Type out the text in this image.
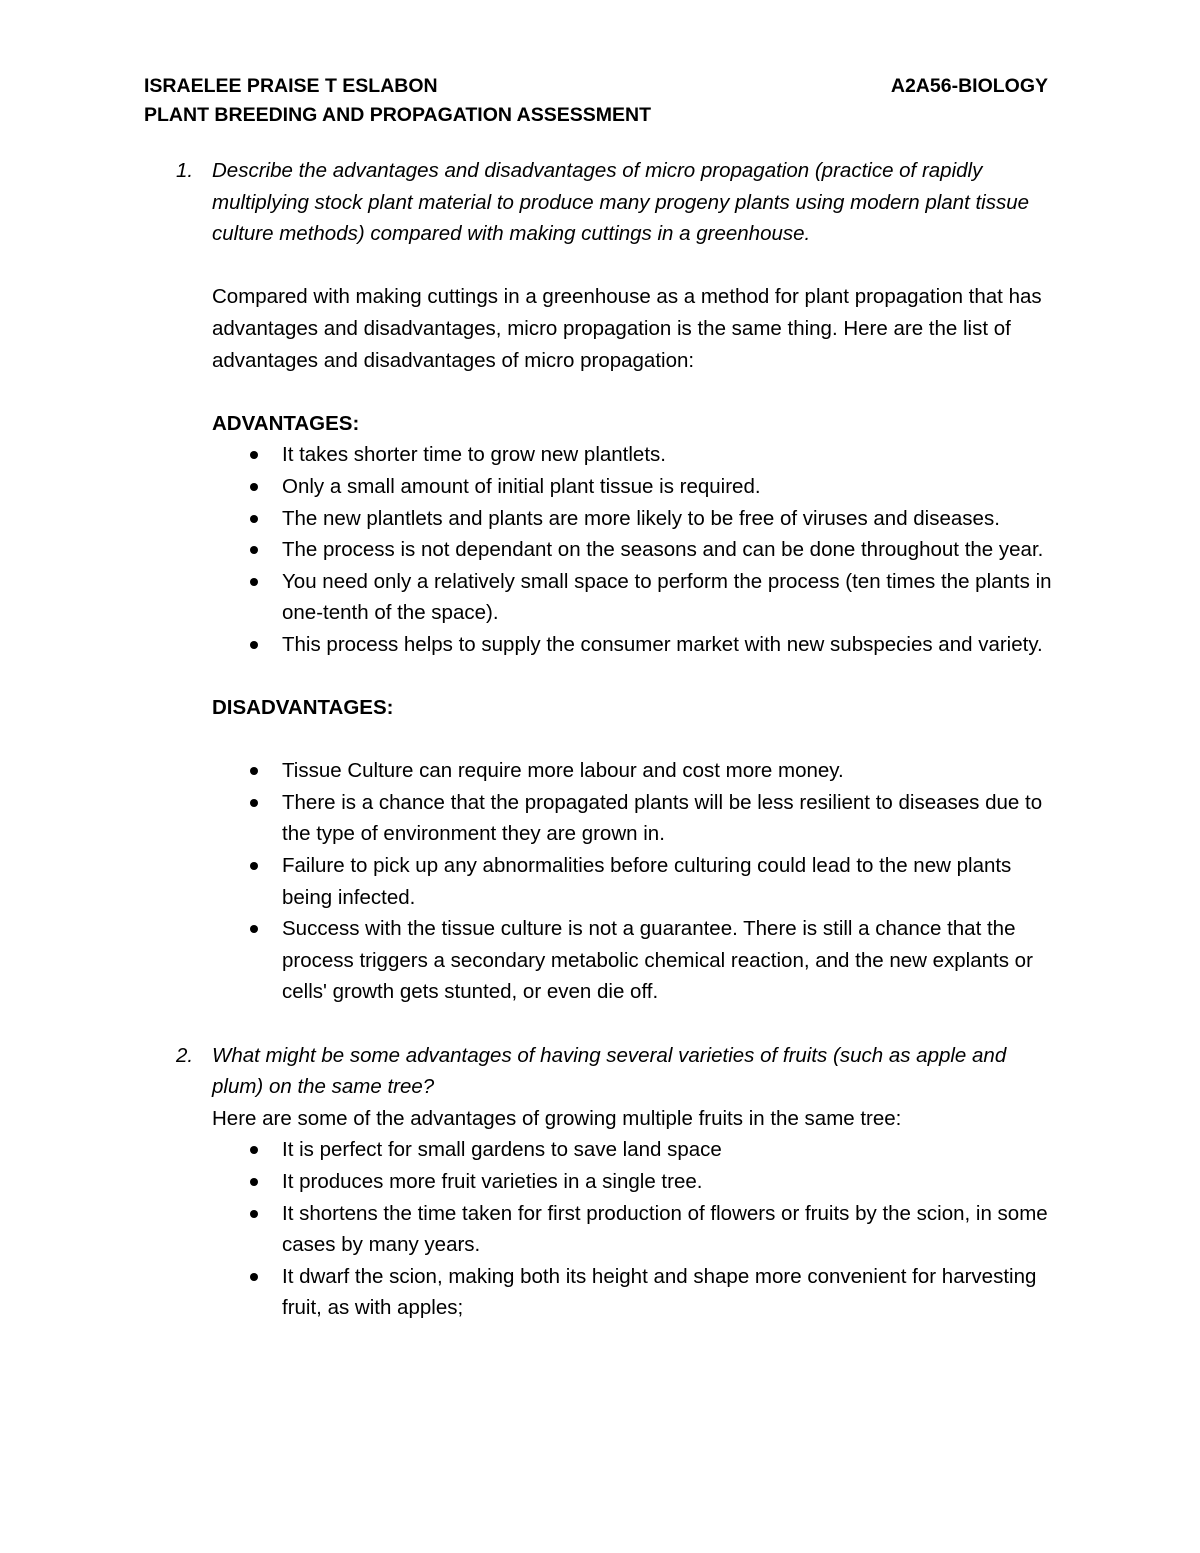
ISRAELEE PRAISE T ESLABON	A2A56-BIOLOGY
PLANT BREEDING AND PROPAGATION ASSESSMENT
1. Describe the advantages and disadvantages of micro propagation (practice of rapidly multiplying stock plant material to produce many progeny plants using modern plant tissue culture methods) compared with making cuttings in a greenhouse.
Compared with making cuttings in a greenhouse as a method for plant propagation that has advantages and disadvantages, micro propagation is the same thing. Here are the list of advantages and disadvantages of micro propagation:
ADVANTAGES:
It takes shorter time to grow new plantlets.
Only a small amount of initial plant tissue is required.
The new plantlets and plants are more likely to be free of viruses and diseases.
The process is not dependant on the seasons and can be done throughout the year.
You need only a relatively small space to perform the process (ten times the plants in one-tenth of the space).
This process helps to supply the consumer market with new subspecies and variety.
DISADVANTAGES:
Tissue Culture can require more labour and cost more money.
There is a chance that the propagated plants will be less resilient to diseases due to the type of environment they are grown in.
Failure to pick up any abnormalities before culturing could lead to the new plants being infected.
Success with the tissue culture is not a guarantee. There is still a chance that the process triggers a secondary metabolic chemical reaction, and the new explants or cells' growth gets stunted, or even die off.
2. What might be some advantages of having several varieties of fruits (such as apple and plum) on the same tree?
Here are some of the advantages of growing multiple fruits in the same tree:
It is perfect for small gardens to save land space
It produces more fruit varieties in a single tree.
It shortens the time taken for first production of flowers or fruits by the scion, in some cases by many years.
It dwarf the scion, making both its height and shape more convenient for harvesting fruit, as with apples;
